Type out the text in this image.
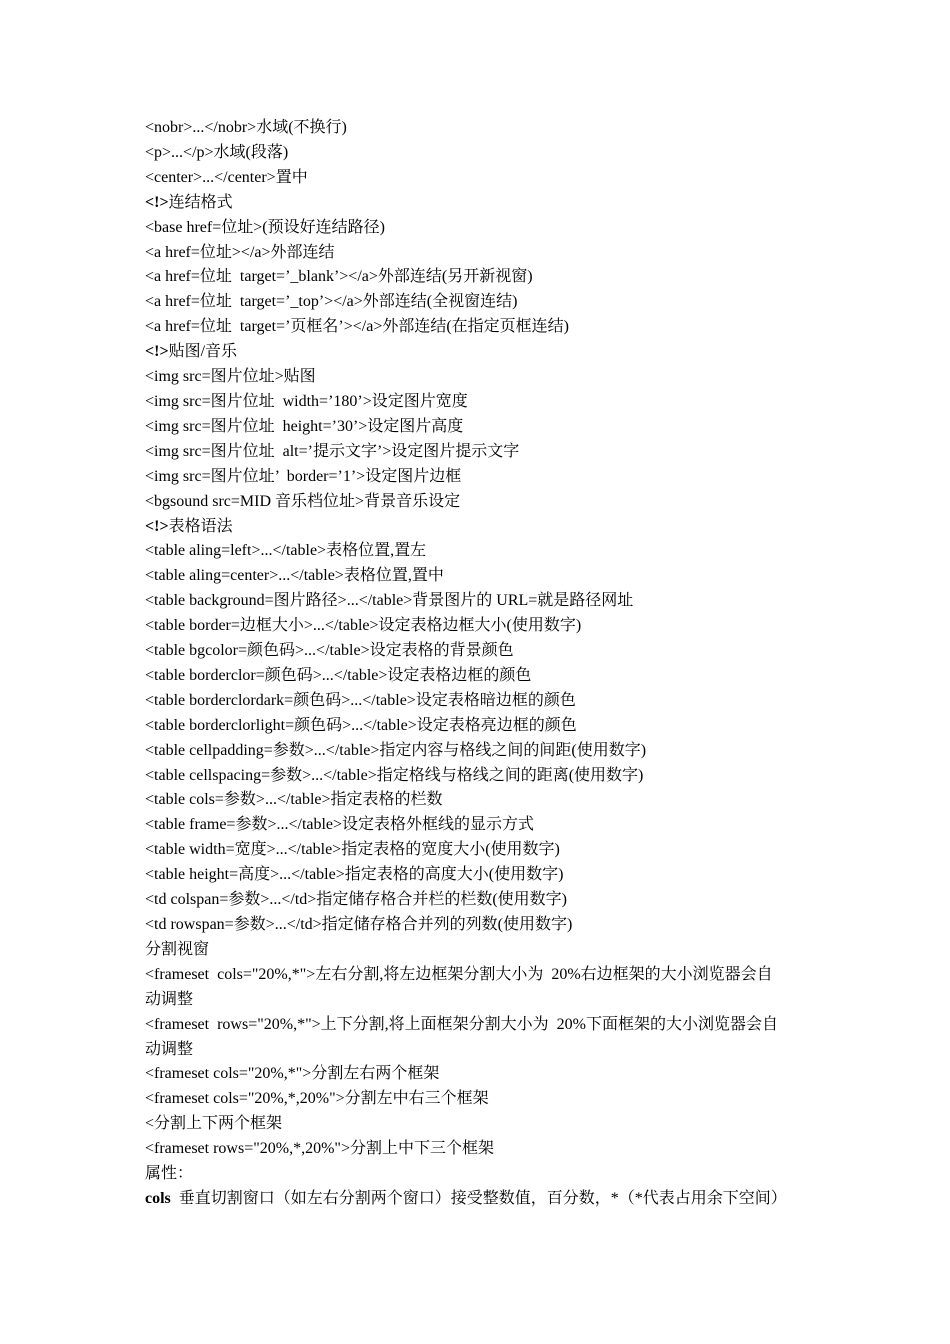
<nobr>...</nobr>水域(不换行)
<p>...</p>水域(段落)
<center>...</center>置中
<!>连结格式
<base href=位址>(预设好连结路径)
<a href=位址></a>外部连结
<a href=位址  target=’_blank’></a>外部连结(另开新视窗)
<a href=位址  target=’_top’></a>外部连结(全视窗连结)
<a href=位址  target=’页框名’></a>外部连结(在指定页框连结)
<!>贴图/音乐
<img src=图片位址>贴图
<img src=图片位址  width=’180’>设定图片宽度
<img src=图片位址  height=’30’>设定图片高度
<img src=图片位址  alt=’提示文字’>设定图片提示文字
<img src=图片位址’  border=’1’>设定图片边框
<bgsound src=MID 音乐档位址>背景音乐设定
<!>表格语法
<table aling=left>...</table>表格位置,置左
<table aling=center>...</table>表格位置,置中
<table background=图片路径>...</table>背景图片的 URL=就是路径网址
<table border=边框大小>...</table>设定表格边框大小(使用数字)
<table bgcolor=颜色码>...</table>设定表格的背景颜色
<table borderclor=颜色码>...</table>设定表格边框的颜色
<table borderclordark=颜色码>...</table>设定表格暗边框的颜色
<table borderclorlight=颜色码>...</table>设定表格亮边框的颜色
<table cellpadding=参数>...</table>指定内容与格线之间的间距(使用数字)
<table cellspacing=参数>...</table>指定格线与格线之间的距离(使用数字)
<table cols=参数>...</table>指定表格的栏数
<table frame=参数>...</table>设定表格外框线的显示方式
<table width=宽度>...</table>指定表格的宽度大小(使用数字)
<table height=高度>...</table>指定表格的高度大小(使用数字)
<td colspan=参数>...</td>指定储存格合并栏的栏数(使用数字)
<td rowspan=参数>...</td>指定储存格合并列的列数(使用数字)
分割视窗
<frameset  cols="20%,*">左右分割,将左边框架分割大小为  20%右边框架的大小浏览器会自
动调整
<frameset  rows="20%,*">上下分割,将上面框架分割大小为  20%下面框架的大小浏览器会自
动调整
<frameset cols="20%,*">分割左右两个框架
<frameset cols="20%,*,20%">分割左中右三个框架
<分割上下两个框架
<frameset rows="20%,*,20%">分割上中下三个框架
属性：
cols  垂直切割窗口（如左右分割两个窗口）接受整数值，百分数，*（*代表占用余下空间）
